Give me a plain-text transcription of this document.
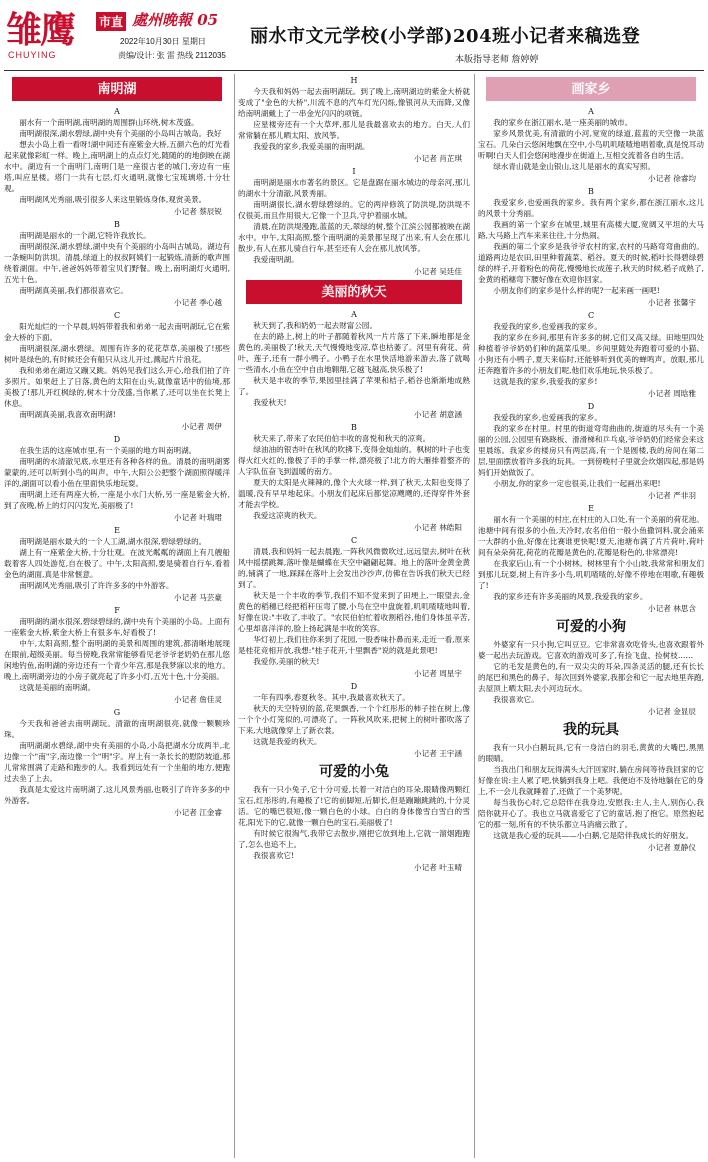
雏鹰
CHUYING
市直 處州晚報 05
2022年10月30日 星期日
责编/设计: 张 雷 热线 2112035
丽水市文元学校(小学部)204班小记者来稿选登
本版指导老师 詹婷婷
南明湖
A

丽水有一个南明湖,南明湖的周围群山环绕,树木茂盛。

南明湖很深,湖水碧绿,湖中央有个美丽的小岛叫古城岛。我好

想去小岛上看一看呀!湖中间还有座紫金大桥,五颜六色的灯光看起来就像彩虹一样。晚上,南明湖上的点点灯光,随随的的地倒映在湖水中。湖边有一个南明门,南明门是一座很古老的城门,旁边有一座塔,叫应星楼。塔门一共有七层,灯火通明,就像七宝琉璃塔,十分壮观。

南明湖风光秀丽,吸引很多人来这里锻炼身体,观赏美景。

小记者 蔡辰锐
B

南明湖是丽水的一个湖,它特许我放长。

南明湖很深,湖水碧绿,湖中央有个美丽的小岛叫古城岛。湖边有一条蜿叫防洪坝。清晨,绿道上的叔叔阿姨们一起锻炼,清新的歌声围绕着湖面。中午,爸爸妈妈带着宝贝们野餐。晚上,南明湖灯火通明,五光十色。

南明湖真美丽,我们都很喜欢它。

小记者 季心越
C

阳光灿烂的一个早晨,妈妈带着我和弟弟一起去南明湖玩,它在紫金大桥的下面。

南明湖很深,湖水碧绿。周围有许多的花花草草,美丽极了!那些树叶是绿色的,有时候还会有船只从这儿开过,溅起片片浪花。

我和弟弟在湖边又蹦又跳。妈妈见我们这么开心,给我们拍了许多照片。如果赶上了日落,黄色的太阳在山头,就像童话中的仙境,那美极了!那儿开红枫绿的,树木十分茂盛,当你累了,还可以坐在长凳上休息。

南明湖真美丽,我喜欢南明湖!

小记者 周伊
D

在我生活的这座城市里,有一个美丽的地方叫南明湖。

南明湖的水清澈见底,水里还有各种各样的鱼。清晨的南明湖雾蒙蒙的,还可以听到小鸟的叫声。中午,大阳公公把整个湖面照得暖洋洋的,湖面可以看小鱼在里面快乐地玩耍。

南明湖上还有两座大桥,一座是小水门大桥,另一座是紫金大桥,到了夜晚,桥上的灯闪闪发光,美丽极了!

小记者 叶瑞珺
E

南明湖是丽水最大的一个人工湖,湖水很深,碧绿碧绿的。

湖上有一座紫金大桥,十分壮观。在波光粼粼的湖面上有几艘船载着客人四处游览,自在极了。中午,太阳高照,要是骑着自行车,看着金色的湖面,真是非常惬意。

南明湖风光秀丽,吸引了许许多多的中外游客。

小记者 马芸豪
F

南明湖的湖水很深,碧绿碧绿的,湖中央有个美丽的小岛。上面有一座紫金大桥,紫金大桥上有很多车,好看极了!

中午,太阳高照,整个南明湖的美景和周围的建筑,都清晰地展现在眼前,超级美丽。每当傍晚,我常常能够看见老爷爷老奶奶在那儿悠闲地钓鱼,南明湖的旁边还有一个青少年宫,那是我梦寐以求的地方。晚上,南明湖旁边的小房子就亮起了许多小灯,五光十色,十分美丽。

这就是美丽的南明湖。

小记者 詹佳灵
G

今天我和爸爸去南明湖玩。清澈的南明湖很亮,就像一颗颗珍珠。

南明湖湖水碧绿,湖中央有美丽的小岛,小岛把湖水分成两半,北边像一个"南"字,南边像一个"明"字。岸上有一条长长的慰防坡道,那儿常常围满了走路和跑步的人。我看到远处有一个坐船的地方,便跑过去坐了上去。

我真是太爱这片南明湖了,这儿风景秀丽,也吸引了许许多多的中外游客。

小记者 江金睿
H

今天我和妈妈一起去南明湖玩。到了晚上,南明湖边的紫金大桥就变成了"金色的大桥",川流不息的汽车灯光闪烁,像银河从天而降,又像给南明湖戴上了一串金光闪闪的项链。

应星楼旁还有一个大草坪,那儿是我最喜欢去的地方。白天,人们常常躺在那儿晒太阳、放风筝。

我爱我的家乡,我爱美丽的南明湖。

小记者 肖芷琪
I

南明湖是丽水市著名的景区。它是盘踞在丽水城边的母亲河,那儿的湖水十分清澈,风景秀丽。

南明湖很长,湖水碧绿碧绿的。它的两岸修筑了防洪堤,防洪堤不仅很美,而且作用很大,它像一个卫兵,守护着丽水城。

清晨,在防洪堤漫跑,蓝蓝的天,翠绿的树,整个江滨公园都被映在湖水中。中午,太阳高照,整个南明湖的美景都呈现了出来,有人会在那儿散步,有人在那儿骑自行车,甚至还有人会在那儿放风筝。

我爱南明湖。

小记者 吴廷佳
美丽的秋天
A

秋天到了,我和奶奶一起去财富公园。

在去的路上,树上的叶子都随着秋风一片片落了下来,瞬地都是金黄色的,美丽极了!秋天,天气慢慢地变凉,草也枯萎了。河里有荷花、荷叶、莲子,还有一群小鸭子。小鸭子在水里快活地游来游去,落了就喝一些清水,小鱼在空中自由地翱翔,它越飞越高,快乐极了!

秋天是丰收的季节,果园里挂满了苹果和桔子,稻谷也渐渐地成熟了。

我爱秋天!

小记者 胡意涵
B

秋天来了,带来了农民伯伯丰收的喜悦和秋天的凉爽。

绿油油的银杏叶在秋风的吹拂下,变得金灿灿的。枫树的叶子也变得火红火红的,像极了手的手掌一样,漂亮极了!北方的大雁排着整齐的人字队伍奋飞到温暖的南方。

夏天的太阳是火辣辣的,像个大火球一样,到了秋天,太阳也变得了温暖,没有早早地起床。小朋友们起床后都觉凉飕飕的,还得穿件外套才能去学校。

我爱这凉爽的秋天。

小记者 林皓阳
C

清晨,我和妈妈一起去晨跑,一阵秋风微微吹过,远远望去,树叶在秋风中摇摆跳舞,落叶像是蝴蝶在天空中翩翩起舞。地上的落叶金黄金黄的,铺满了一地,踩踩在落叶上会发出沙沙声,仿佛在告诉我们秋天已经到了。

秋天是一个丰收的季节,我们不知不觉来到了田埂上,一眼望去,金黄色的稻穗已经把稻秆压弯了腰,小鸟在空中盘旋着,叽叽喳喳地叫着,好像在说:"丰收了,丰收了。"农民伯伯忙着收割稻谷,他们身体虽辛苦,心里却喜洋洋的,脸上扬起满是丰收的笑容。

华灯初上,我们往你来到了花园,一股香味扑鼻而来,走近一看,原来是桂花竞相开放,我想:"桂子花开,十里飘香"说的就是此景吧!

我爱你,美丽的秋天!

小记者 周星宇
D

一年有四季,春夏秋冬。其中,我最喜欢秋天了。

秋天的天空特别的蓝,花果飘香,一个个红彤彤的柿子挂在树上,像一个个小灯笼似的,可漂亮了。一阵秋风吹来,把树上的树叶都吹落了下来,大地就像穿上了新衣裳。

这就是我爱的秋天。

小记者 王宇涵
可爱的小兔

我有一只小兔子,它十分可爱,长着一对洁白的耳朵,眼睛像两颗红宝石,红彤彤的,有趣极了!它的前脚短,后脚长,但是蹦蹦跳跳的,十分灵活。它的嘴巴很短,像一颗白色的小球。白白的身体像雪白雪白的雪花,阳光下的它,就像一颗白色的宝石,美丽极了!

有时候它很淘气,我带它去散步,刚把它放到地上,它就一溜烟跑跑了,怎么也追不上。

我很喜欢它!

小记者 叶玉晴
画家乡
A

我的家乡在浙江丽水,是一座美丽的城市。

家乡风景优美,有清澈的小河,宽宽的绿道,蓝蓝的天空像一块蓝宝石。几朵白云悠闲地飘在空中,小鸟叽叽喳喳地唱着歌,真是悦耳动听啊!白天人们会悠闲地漫步在街道上,互相交流着各自的生活。

绿水青山就是金山银山,这儿是丽水的真实写照。

小记者 徐睿均
B

我爱家乡,也爱画我的家乡。我有两个家乡,都在浙江丽水,这儿的风景十分秀丽。

我画的第一个家乡在城里,城里有高楼大厦,宽阔又平坦的大马路,大马路上汽车来来往往,十分热闹。

我画的第二个家乡是我爷爷农村的家,农村的马路弯弯曲曲的。道路两边是农田,田里种着蔬菜、稻谷。夏天的时候,稻叶长得碧绿碧绿的样子,开着粉色的荷花,慢慢地长成莲子,秋天的时候,稻子成熟了,金黄的稻穗弯下腰好像在欢迎你回家。

小朋友你们的家乡是什么样的呢?一起来画一画吧!

小记者 张馨宇
C

我爱我的家乡,也爱画我的家乡。

我的家乡在乡间,那里有许多多的树,它们又高又绿。田地里四处种植着爷爷奶奶们种的蔬菜瓜果。乡间里随处奔跑着可爱的小猫、小狗还有小鸭子,夏天来临时,还能够听到优美的蝉鸣声。放眼,那儿还奔跑着许多的小朋友们呢,他们欢乐地玩,快乐极了。

这就是我的家乡,我爱我的家乡!

小记者 周晗雅
D

我爱我的家乡,也爱画我的家乡。

我的家乡在村里。村里的街道弯弯曲曲的,街道的尽头有一个美丽的公园,公园里有跷跷板、滑滑梯和乒乓桌,爷爷奶奶们经常会来这里晨练。我家乡的楼房只有两层高,有一个是圆楼,我的房间在第二层,里面摆放着许多我的玩具。一到傍晚村子里就会炊烟四起,那是妈妈们开始做饭了。

小朋友,你的家乡一定也很美,让我们一起画出来吧!

小记者 严非羽
E

丽水有一个美丽的村庄,在村庄的入口处,有一个美丽的荷花池。池塘中间有很多的小鱼,天冷时,农名伯伯一般小鱼撒饲料,就会涌来一大群的小鱼,好像在比赛谁更快呢!夏天,池塘布满了片片荷叶,荷叶间有朵朵荷花,荷花的花瓣是黄色的,花瓣是粉色的,非常漂亮!

在我家后山,有一个小树林。树林里有个小山坡,我常常和朋友们到那儿玩耍,树上有许多小鸟,叽叽喳喳的,好像不停地在唱歌,有趣极了!

我的家乡还有许多美丽的风景,我爱我的家乡。

小记者 林思含
可爱的小狗

外婆家有一只小狗,它叫豆豆。它非常喜欢吃骨头,也喜欢跟着外婆一起出去玩游戏。它喜欢的游戏可多了,有捡飞盘、捡树枝……

它的毛发是黄色的,有一双尖尖的耳朵,四条灵活的腿,还有长长的尾巴和黑色的鼻子。每次回到外婆家,我都会和它一起去地里奔跑,去屋顶上晒太阳,去小河边玩水。

我很喜欢它。

小记者 金显辰
我的玩具

我有一只小白鹅玩具,它有一身洁白的羽毛,黄黄的大嘴巴,黑黑的眼睛。

当我出门和朋友玩得满头大汗回家时,躺在房间等待我回家的它好像在说:主人累了吧,快躺到我身上吧。我便迫不及待地躺在它的身上,不一会儿我就睡着了,还做了一个美梦呢。

每当我伤心时,它总陪伴在我身边,安慰我:主人,主人,别伤心,我陪你就开心了。我也立马就喜爱它了它的童话,抱了抱它。原然抱起它的那一刻,所有的不快乐都立马消痛云散了。

这就是我心爱的玩具——小白鹅,它是陪伴我成长的好朋友。

小记者 夏静仪
